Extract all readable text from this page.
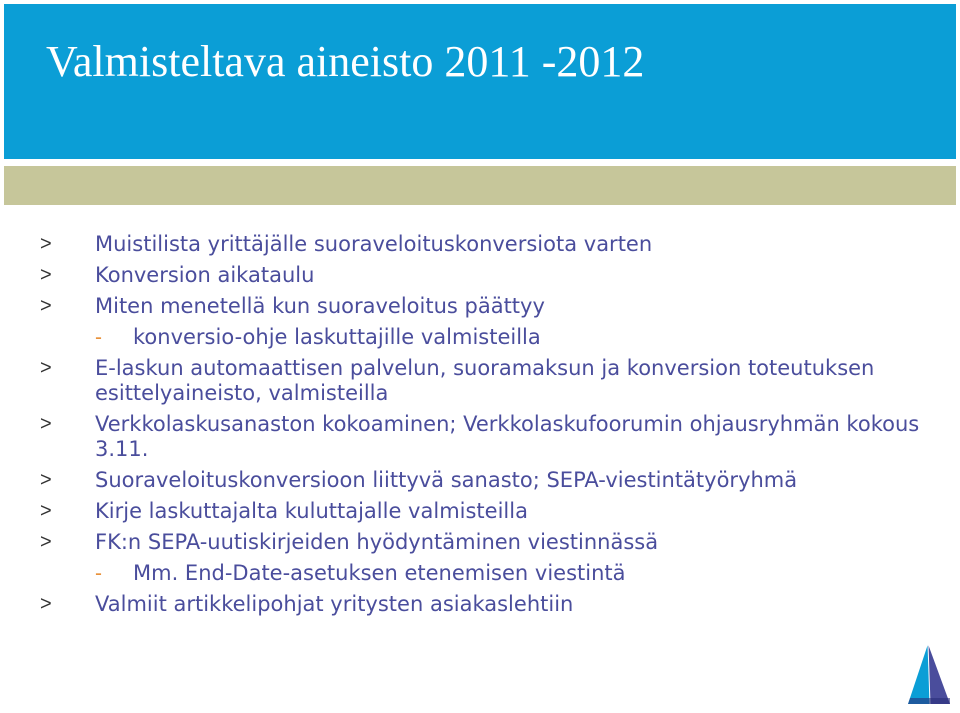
Valmisteltava aineisto 2011 -2012
>	Muistilista yrittäjälle suoraveloituskonversiota varten
>	Konversion aikataulu
>	Miten menetellä kun suoraveloitus päättyy
-	konversio-ohje laskuttajille valmisteilla
>	E-laskun automaattisen palvelun, suoramaksun ja konversion toteutuksen esittelyaineisto, valmisteilla
>	Verkkolaskusanaston kokoaminen; Verkkolaskufoorumin ohjausryhmän kokous 3.11.
>	Suoraveloituskonversioon liittyvä sanasto; SEPA-viestintätyöryhmä
>	Kirje laskuttajalta kuluttajalle valmisteilla
>	FK:n SEPA-uutiskirjeiden hyödyntäminen viestinnässä
-	Mm. End-Date-asetuksen etenemisen viestintä
>	Valmiit artikkelipohjat yritysten asiakaslehtiin
